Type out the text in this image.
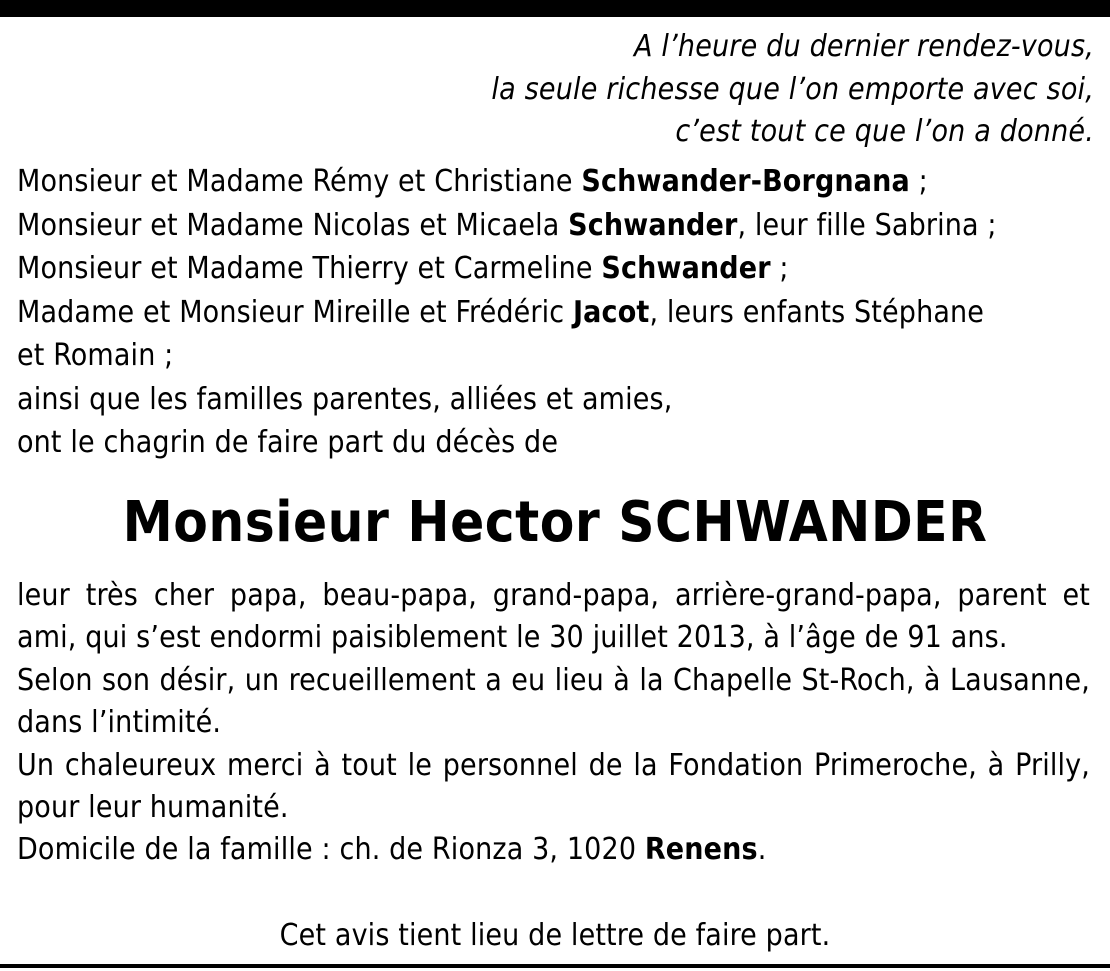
A l’heure du dernier rendez-vous,
la seule richesse que l’on emporte avec soi,
c’est tout ce que l’on a donné.
Monsieur et Madame Rémy et Christiane Schwander-Borgnana ;
Monsieur et Madame Nicolas et Micaela Schwander, leur fille Sabrina ;
Monsieur et Madame Thierry et Carmeline Schwander ;
Madame et Monsieur Mireille et Frédéric Jacot, leurs enfants Stéphane
et Romain ;
ainsi que les familles parentes, alliées et amies,
ont le chagrin de faire part du décès de
Monsieur Hector SCHWANDER

leur très cher papa, beau-papa, grand-papa, arrière-grand-papa, parent et ami, qui s’est endormi paisiblement le 30 juillet 2013, à l’âge de 91 ans.

Selon son désir, un recueillement a eu lieu à la Chapelle St-Roch, à Lausanne, dans l’intimité.

Un chaleureux merci à tout le personnel de la Fondation Primeroche, à Prilly, pour leur humanité.

Domicile de la famille : ch. de Rionza 3, 1020 Renens.

Cet avis tient lieu de lettre de faire part.
